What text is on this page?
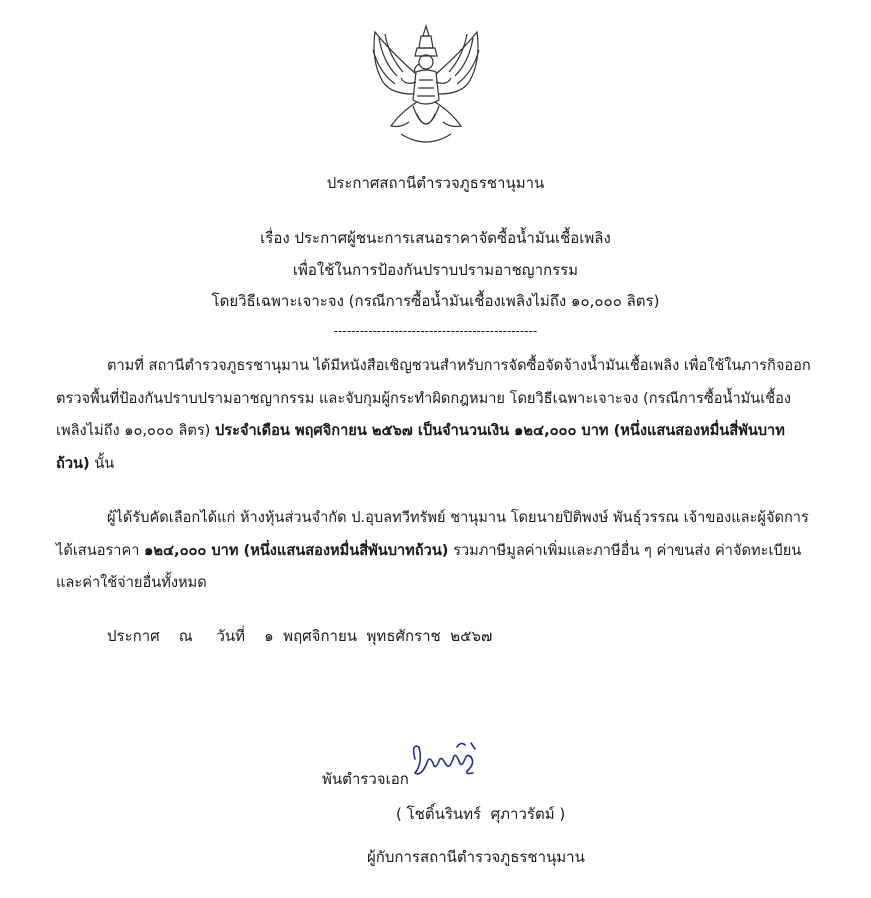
ประกาศสถานีตำรวจภูธรชานุมาน
เรื่อง ประกาศผู้ชนะการเสนอราคาจัดซื้อน้ำมันเชื้อเพลิง
เพื่อใช้ในการป้องกันปราบปรามอาชญากรรม
โดยวิธีเฉพาะเจาะจง (กรณีการซื้อน้ำมันเชื้องเพลิงไม่ถึง ๑๐,๐๐๐ ลิตร)
-----------------------------------------------
ตามที่ สถานีตำรวจภูธรชานุมาน ได้มีหนังสือเชิญชวนสำหรับการจัดซื้อจัดจ้างน้ำมันเชื้อเพลิง เพื่อใช้ในภารกิจออกตรวจพื้นที่ป้องกันปราบปรามอาชญากรรม และจับกุมผู้กระทำผิดกฎหมาย โดยวิธีเฉพาะเจาะจง (กรณีการซื้อน้ำมันเชื้องเพลิงไม่ถึง ๑๐,๐๐๐ ลิตร) ประจำเดือน พฤศจิกายน ๒๕๖๗ เป็นจำนวนเงิน ๑๒๔,๐๐๐ บาท (หนึ่งแสนสองหมื่นสี่พันบาทถ้วน) นั้น
ผู้ได้รับคัดเลือกได้แก่ ห้างหุ้นส่วนจำกัด ป.อุบลทวีทรัพย์ ชานุมาน โดยนายปิติพงษ์ พันธุ์วรรณ เจ้าของและผู้จัดการ ได้เสนอราคา ๑๒๔,๐๐๐ บาท (หนึ่งแสนสองหมื่นสี่พันบาทถ้วน) รวมภาษีมูลค่าเพิ่มและภาษีอื่น ๆ ค่าขนส่ง ค่าจัดทะเบียนและค่าใช้จ่ายอื่นทั้งหมด
ประกาศ    ณ     วันที่    ๑  พฤศจิกายน  พุทธศักราช  ๒๕๖๗
พันตำรวจเอก
( โชติ์นรินทร์  ศุภาวรัตม์ )
ผู้กับการสถานีตำรวจภูธรชานุมาน
